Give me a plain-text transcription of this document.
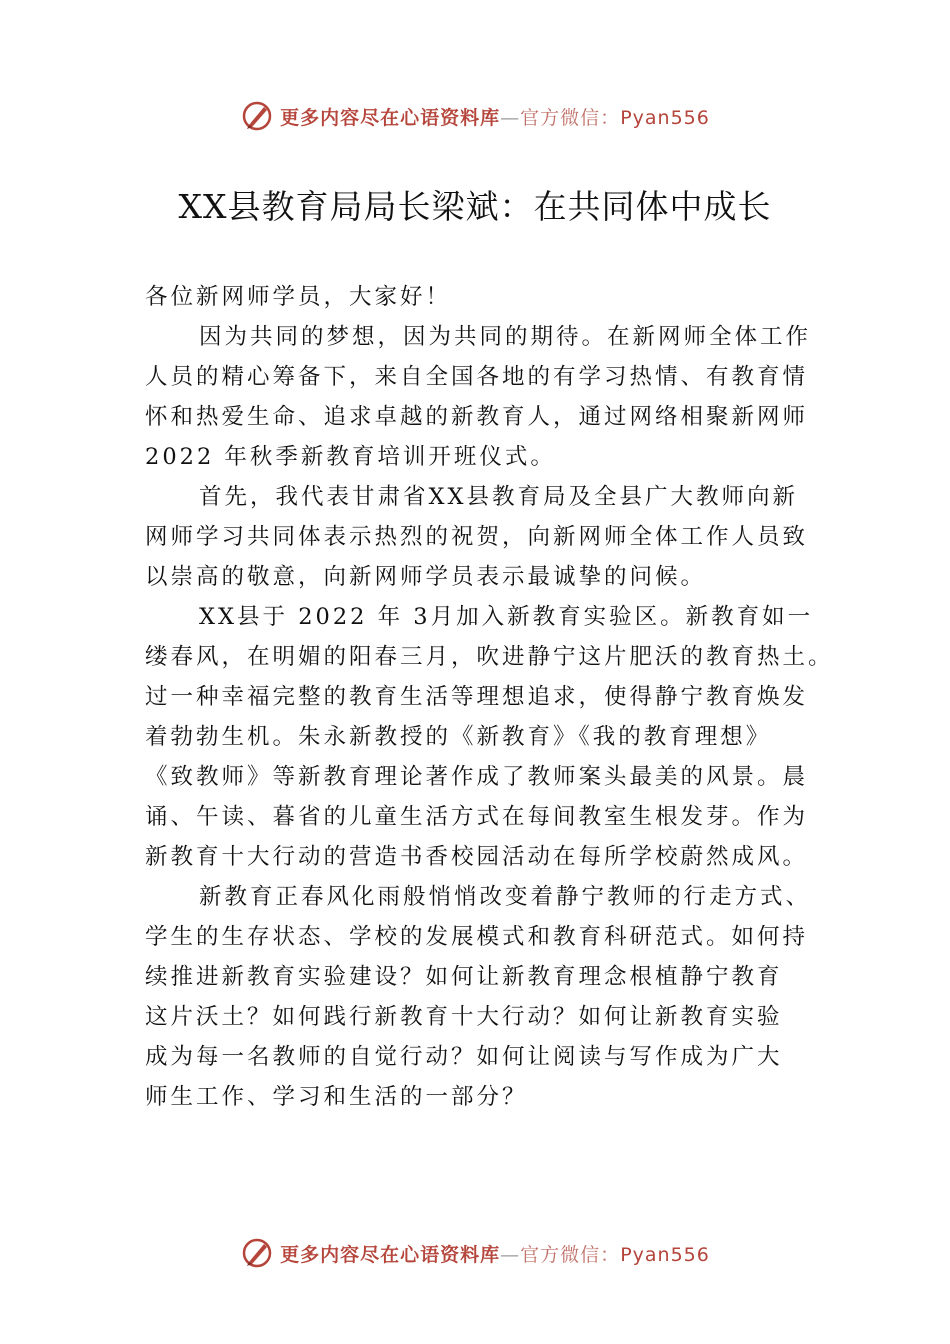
更多内容尽在心语资料库—官方微信：Pyan556
XX县教育局局长梁斌：在共同体中成长

各位新网师学员，大家好！

因为共同的梦想，因为共同的期待。在新网师全体工作

人员的精心筹备下，来自全国各地的有学习热情、有教育情

怀和热爱生命、追求卓越的新教育人，通过网络相聚新网师

2022 年秋季新教育培训开班仪式。

首先，我代表甘肃省XX县教育局及全县广大教师向新

网师学习共同体表示热烈的祝贺，向新网师全体工作人员致

以崇高的敬意，向新网师学员表示最诚挚的问候。

XX县于 2022 年 3月加入新教育实验区。新教育如一

缕春风，在明媚的阳春三月，吹进静宁这片肥沃的教育热土。

过一种幸福完整的教育生活等理想追求，使得静宁教育焕发

着勃勃生机。朱永新教授的《新教育》《我的教育理想》

《致教师》等新教育理论著作成了教师案头最美的风景。晨

诵、午读、暮省的儿童生活方式在每间教室生根发芽。作为

新教育十大行动的营造书香校园活动在每所学校蔚然成风。

新教育正春风化雨般悄悄改变着静宁教师的行走方式、

学生的生存状态、学校的发展模式和教育科研范式。如何持

续推进新教育实验建设？如何让新教育理念根植静宁教育

这片沃土？如何践行新教育十大行动？如何让新教育实验

成为每一名教师的自觉行动？如何让阅读与写作成为广大

师生工作、学习和生活的一部分？

更多内容尽在心语资料库—官方微信：Pyan556
